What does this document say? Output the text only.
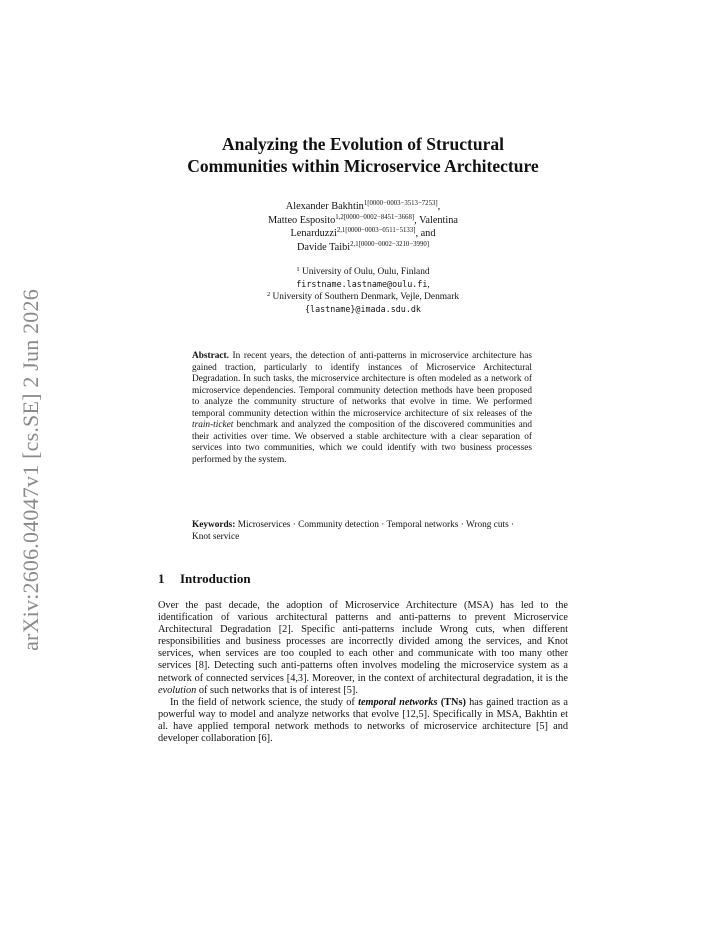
arXiv:2606.04047v1 [cs.SE] 2 Jun 2026
Analyzing the Evolution of Structural
Communities within Microservice Architecture
Alexander Bakhtin$^{1[0000-0003-3513-7253]}$,
Matteo Esposito$^{1,2[0000-0002-8451-3668]}$, Valentina
Lenarduzzi$^{2,1[0000-0003-0511-5133]}$, and
Davide Taibi$^{2,1[0000-0002-3210-3990]}$
$^1$ University of Oulu, Oulu, Finland
firstname.lastname@oulu.fi,
$^2$ University of Southern Denmark, Vejle, Denmark
{lastname}@imada.sdu.dk
Abstract. In recent years, the detection of anti-patterns in microservice architecture has gained traction, particularly to identify instances of Microservice Architectural Degradation. In such tasks, the microservice architecture is often modeled as a network of microservice dependencies. Temporal community detection methods have been proposed to analyze the community structure of networks that evolve in time. We performed temporal community detection within the microservice architecture of six releases of the train-ticket benchmark and analyzed the composition of the discovered communities and their activities over time. We observed a stable architecture with a clear separation of services into two communities, which we could identify with two business processes performed by the system.
Keywords: Microservices · Community detection · Temporal networks · Wrong cuts · Knot service
1 Introduction

Over the past decade, the adoption of Microservice Architecture (MSA) has led to the identification of various architectural patterns and anti-patterns to prevent Microservice Architectural Degradation [2]. Specific anti-patterns include Wrong cuts, when different responsibilities and business processes are incorrectly divided among the services, and Knot services, when services are too coupled to each other and communicate with too many other services [8]. Detecting such anti-patterns often involves modeling the microservice system as a network of connected services [4,3]. Moreover, in the context of architectural degradation, it is the evolution of such networks that is of interest [5].

In the field of network science, the study of temporal networks (TNs) has gained traction as a powerful way to model and analyze networks that evolve [12,5]. Specifically in MSA, Bakhtin et al. have applied temporal network methods to networks of microservice architecture [5] and developer collaboration [6].
